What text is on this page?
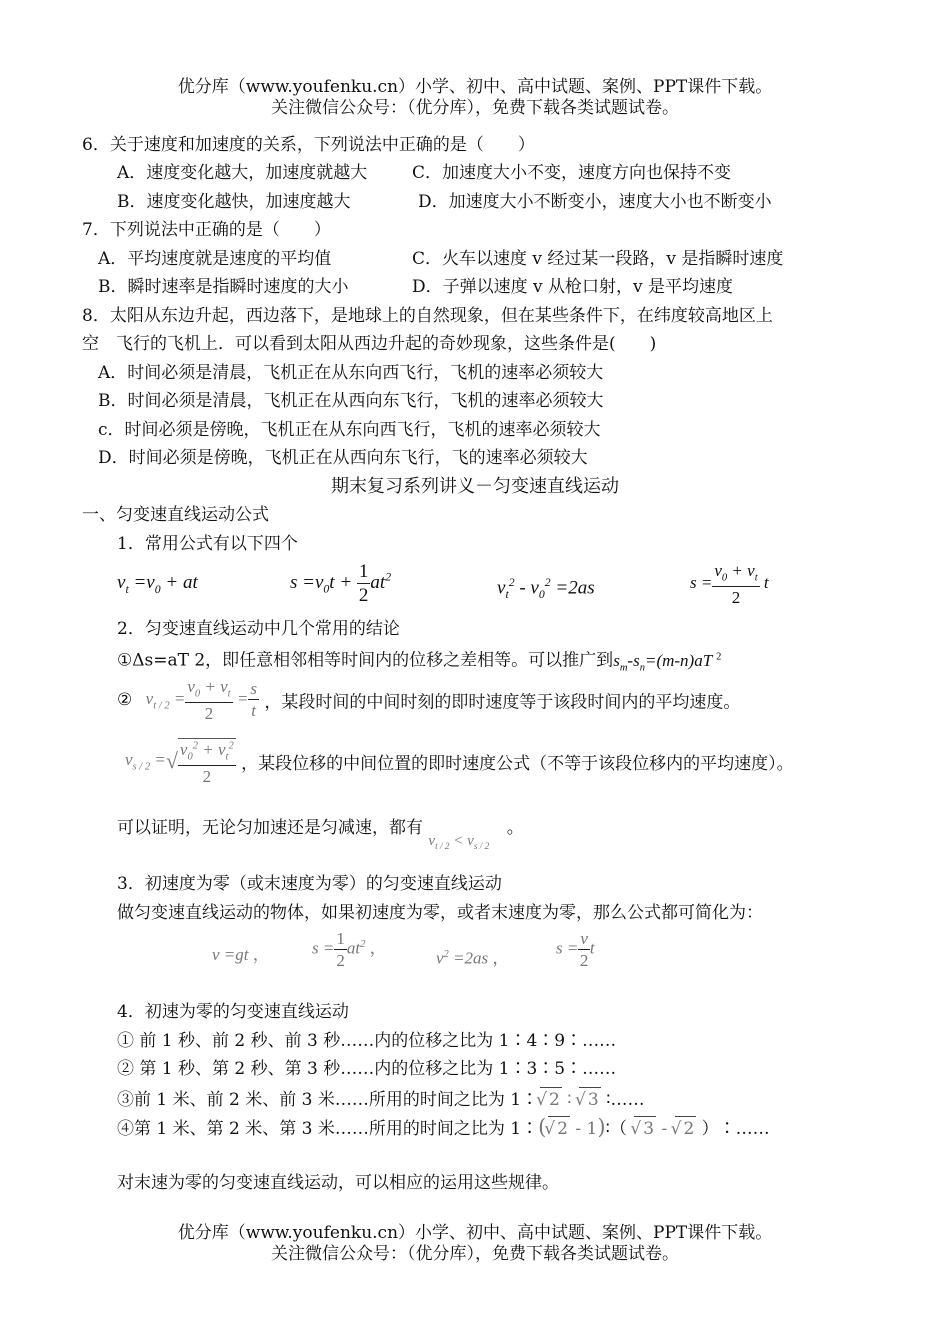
优分库（www.youfenku.cn）小学、初中、高中试题、案例、PPT课件下载。
关注微信公众号：（优分库），免费下载各类试题试卷。
6．关于速度和加速度的关系，下列说法中正确的是（　　）
A．速度变化越大，加速度就越大	C．加速度大小不变，速度方向也保持不变
B．速度变化越快，加速度越大	D．加速度大小不断变小，速度大小也不断变小
7．下列说法中正确的是（　　）
A．平均速度就是速度的平均值	C．火车以速度 v 经过某一段路，v 是指瞬时速度
B．瞬时速率是指瞬时速度的大小	D．子弹以速度 v 从枪口射，v 是平均速度
8．太阳从东边升起，西边落下，是地球上的自然现象，但在某些条件下，在纬度较高地区上
空　飞行的飞机上．可以看到太阳从西边升起的奇妙现象，这些条件是(　　)
A．时间必须是清晨，飞机正在从东向西飞行，飞机的速率必须较大
B．时间必须是清晨，飞机正在从西向东飞行，飞机的速率必须较大
c．时间必须是傍晚，飞机正在从东向西飞行，飞机的速率必须较大
D．时间必须是傍晚，飞机正在从西向东飞行，飞的速率必须较大
期末复习系列讲义－匀变速直线运动
一、匀变速直线运动公式
1．常用公式有以下四个
$v_t =v_0$ + at	$s =v_0t + \frac{1}{2} at^2$
$v_t^2 - v_0^2 =2as$	$s = \frac{v_0 + v_t}{2}$ t
2．匀变速直线运动中几个常用的结论
①Δs=aT 2，即任意相邻相等时间内的位移之差相等。可以推广到$s_m-s_n=(m-n)aT$ $^2$
② $v_{t / 2} = \frac{v_0 + v_t}{2} = \frac{s}{t}$ ，某段时间的中间时刻的即时速度等于该段时间内的平均速度。
$v_{s / 2}$ =√ $\frac{v_0^2 + v_t^2}{2}$ ，某段位移的中间位置的即时速度公式（不等于该段位移内的平均速度）。
可以证明，无论匀加速还是匀减速，都有 $v_{t / 2} < v_{s / 2}$ 。
3．初速度为零（或末速度为零）的匀变速直线运动
做匀变速直线运动的物体，如果初速度为零，或者末速度为零，那么公式都可简化为：
v =gt ， $s = \frac{1}{2} at^2$ ，
$v^2 =2as$ ，
$s = \frac{v}{2}$ t
4．初速为零的匀变速直线运动
① 前 1 秒、前 2 秒、前 3 秒……内的位移之比为 1∶4∶9∶……
② 第 1 秒、第 2 秒、第 3 秒……内的位移之比为 1∶3∶5∶……
③前 1 米、前 2 米、前 3 米……所用的时间之比为 1∶ √ 2 ∶ √ 3 ∶……
④第 1 米、第 2 米、第 3 米……所用的时间之比为 1∶( √ 2 - 1)∶（ √ 3 - √ 2 ）∶……
对末速为零的匀变速直线运动，可以相应的运用这些规律。
优分库（www.youfenku.cn）小学、初中、高中试题、案例、PPT课件下载。
关注微信公众号：（优分库），免费下载各类试题试卷。
